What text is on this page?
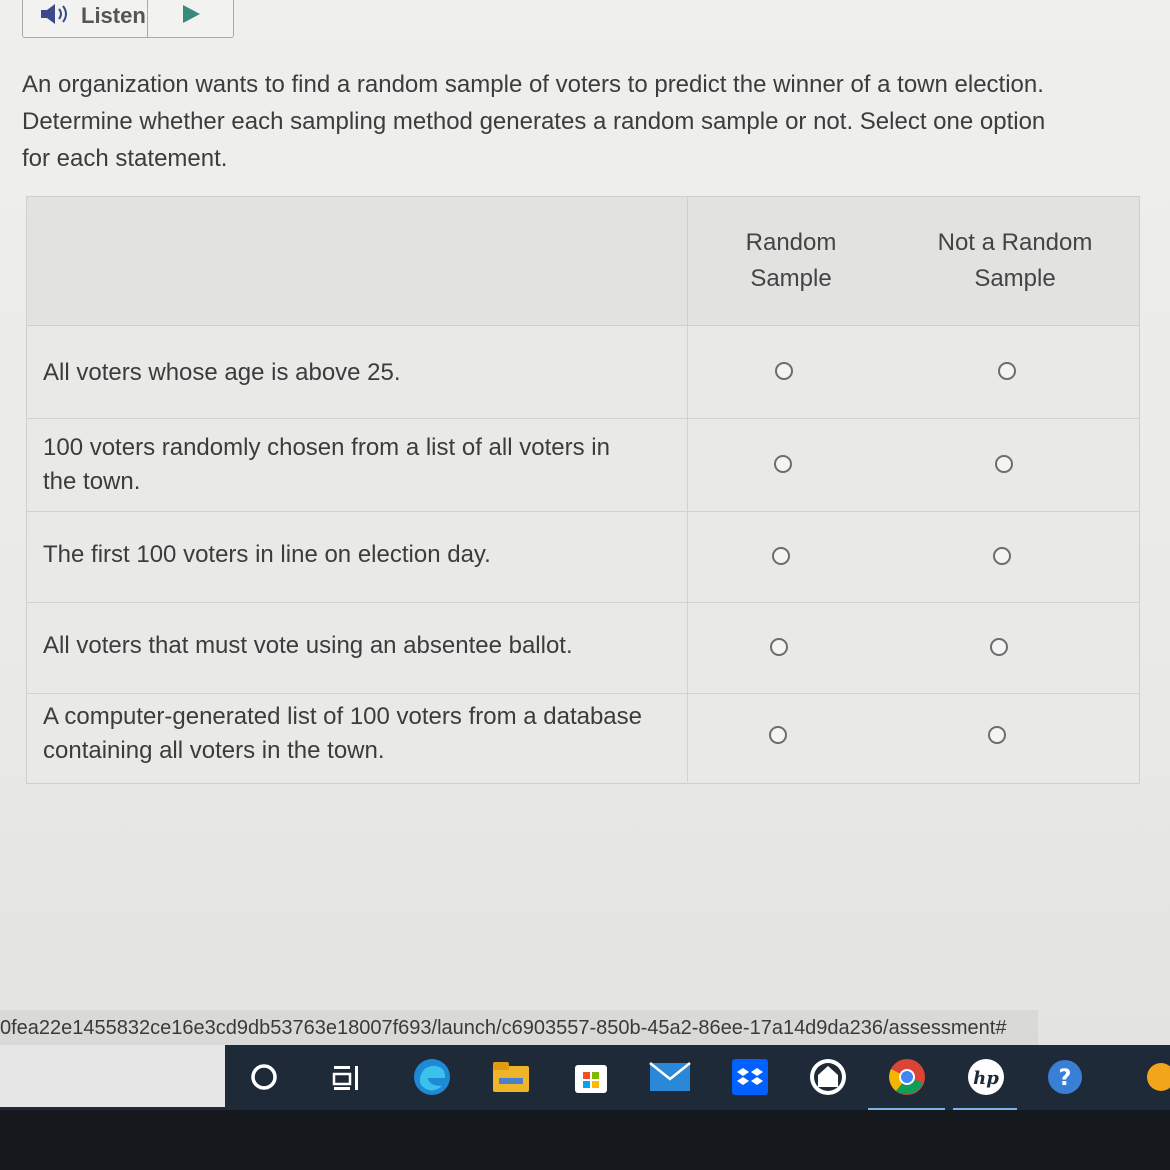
Listen
An organization wants to find a random sample of voters to predict the winner of a town election.
Determine whether each sampling method generates a random sample or not. Select one option
for each statement.
Random
Sample
Not a Random
Sample
All voters whose age is above 25.
100 voters randomly chosen from a list of all voters in
the town.
The first 100 voters in line on election day.
All voters that must vote using an absentee ballot.
A computer-generated list of 100 voters from a database
containing all voters in the town.
0fea22e1455832ce16e3cd9db53763e18007f693/launch/c6903557-850b-45a2-86ee-17a14d9da236/assessment#
hp	?
